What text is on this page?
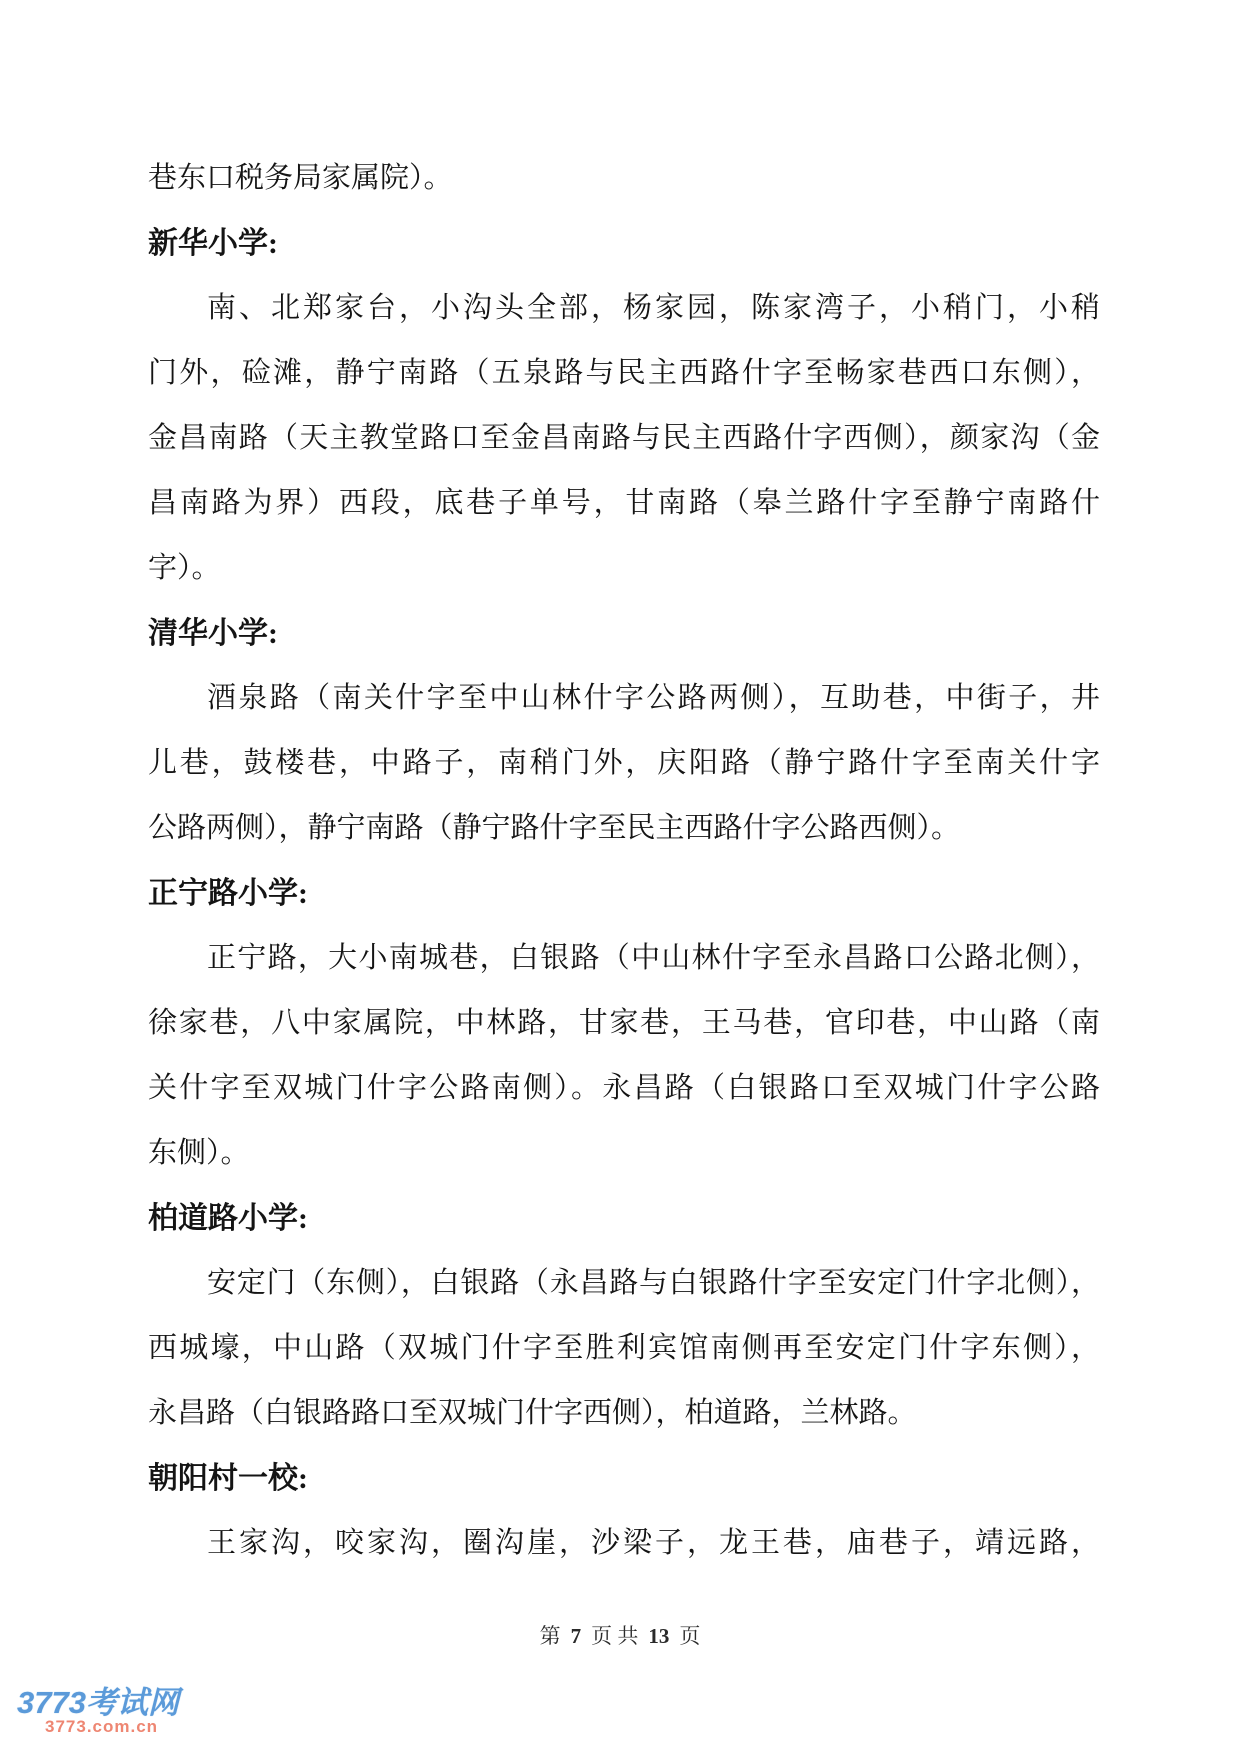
巷东口税务局家属院）。
新华小学:
南、北郑家台，小沟头全部，杨家园，陈家湾子，小稍门，小稍
门外，硷滩，静宁南路（五泉路与民主西路什字至畅家巷西口东侧），
金昌南路（天主教堂路口至金昌南路与民主西路什字西侧），颜家沟（金
昌南路为界）西段，底巷子单号，甘南路（皋兰路什字至静宁南路什
字）。
清华小学:
酒泉路（南关什字至中山林什字公路两侧），互助巷，中街子，井
儿巷，鼓楼巷，中路子，南稍门外，庆阳路（静宁路什字至南关什字
公路两侧），静宁南路（静宁路什字至民主西路什字公路西侧）。
正宁路小学:
正宁路，大小南城巷，白银路（中山林什字至永昌路口公路北侧），
徐家巷，八中家属院，中林路，甘家巷，王马巷，官印巷，中山路（南
关什字至双城门什字公路南侧）。永昌路（白银路口至双城门什字公路
东侧）。
柏道路小学:
安定门（东侧），白银路（永昌路与白银路什字至安定门什字北侧），
西城壕，中山路（双城门什字至胜利宾馆南侧再至安定门什字东侧），
永昌路（白银路路口至双城门什字西侧），柏道路，兰林路。
朝阳村一校:
王家沟，咬家沟，圈沟崖，沙梁子，龙王巷，庙巷子，靖远路，
第 7 页 共 13 页
3773考试网
3773.com.cn
